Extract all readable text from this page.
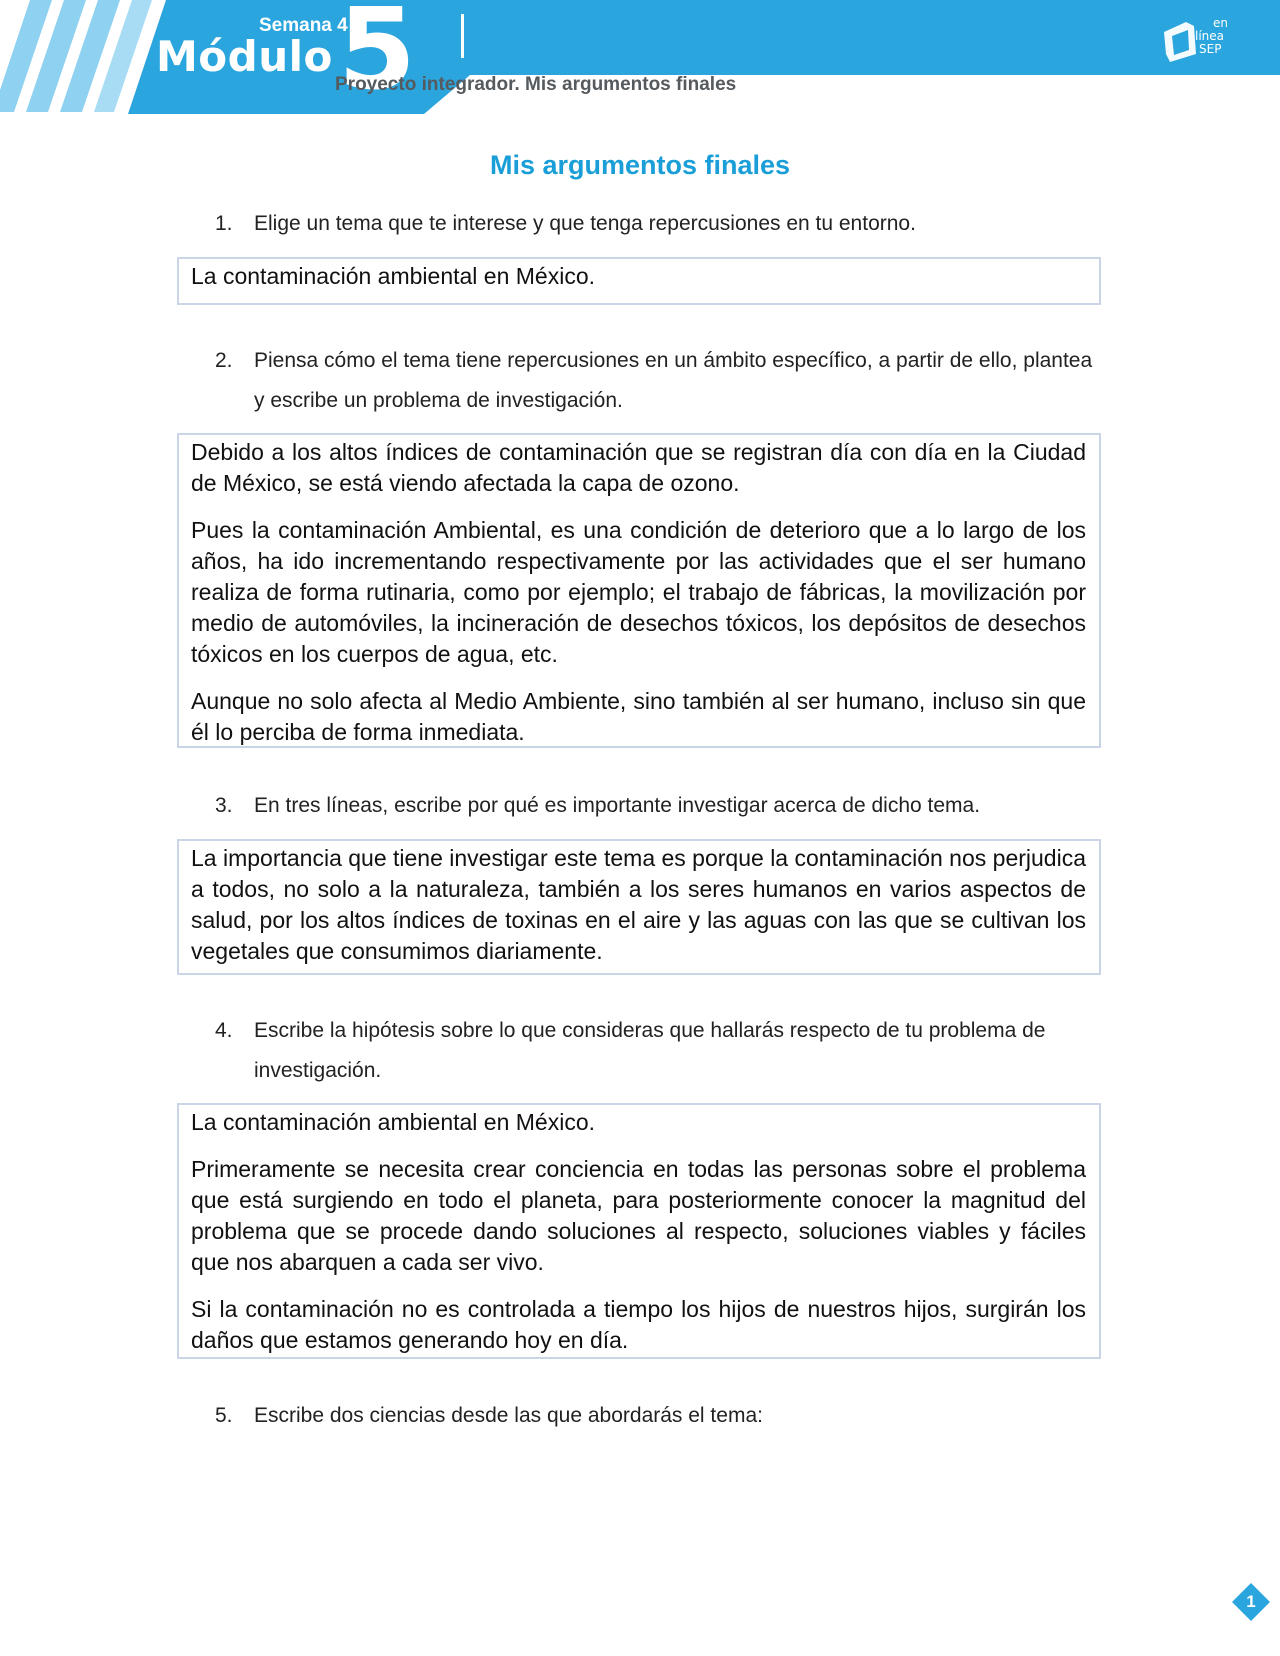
Módulo
Semana 4
5
Proyecto integrador. Mis argumentos finales
en
línea
SEP
Mis argumentos finales
1. Elige un tema que te interese y que tenga repercusiones en tu entorno.

La contaminación ambiental en México.

2. Piensa cómo el tema tiene repercusiones en un ámbito específico, a partir de ello, plantea y escribe un problema de investigación.

Debido a los altos índices de contaminación que se registran día con día en la Ciudad de México, se está viendo afectada la capa de ozono.

Pues la contaminación Ambiental, es una condición de deterioro que a lo largo de los años, ha ido incrementando respectivamente por las actividades que el ser humano realiza de forma rutinaria, como por ejemplo; el trabajo de fábricas, la movilización por medio de automóviles, la incineración de desechos tóxicos, los depósitos de desechos tóxicos en los cuerpos de agua, etc.

Aunque no solo afecta al Medio Ambiente, sino también al ser humano, incluso sin que él lo perciba de forma inmediata.

3. En tres líneas, escribe por qué es importante investigar acerca de dicho tema.

La importancia que tiene investigar este tema es porque la contaminación nos perjudica a todos, no solo a la naturaleza, también a los seres humanos en varios aspectos de salud, por los altos índices de toxinas en el aire y las aguas con las que se cultivan los vegetales que consumimos diariamente.

4. Escribe la hipótesis sobre lo que consideras que hallarás respecto de tu problema de investigación.

La contaminación ambiental en México.

Primeramente se necesita crear conciencia en todas las personas sobre el problema que está surgiendo en todo el planeta, para posteriormente conocer la magnitud del problema que se procede dando soluciones al respecto, soluciones viables y fáciles que nos abarquen a cada ser vivo.

Si la contaminación no es controlada a tiempo los hijos de nuestros hijos, surgirán los daños que estamos generando hoy en día.

5. Escribe dos ciencias desde las que abordarás el tema:
1
